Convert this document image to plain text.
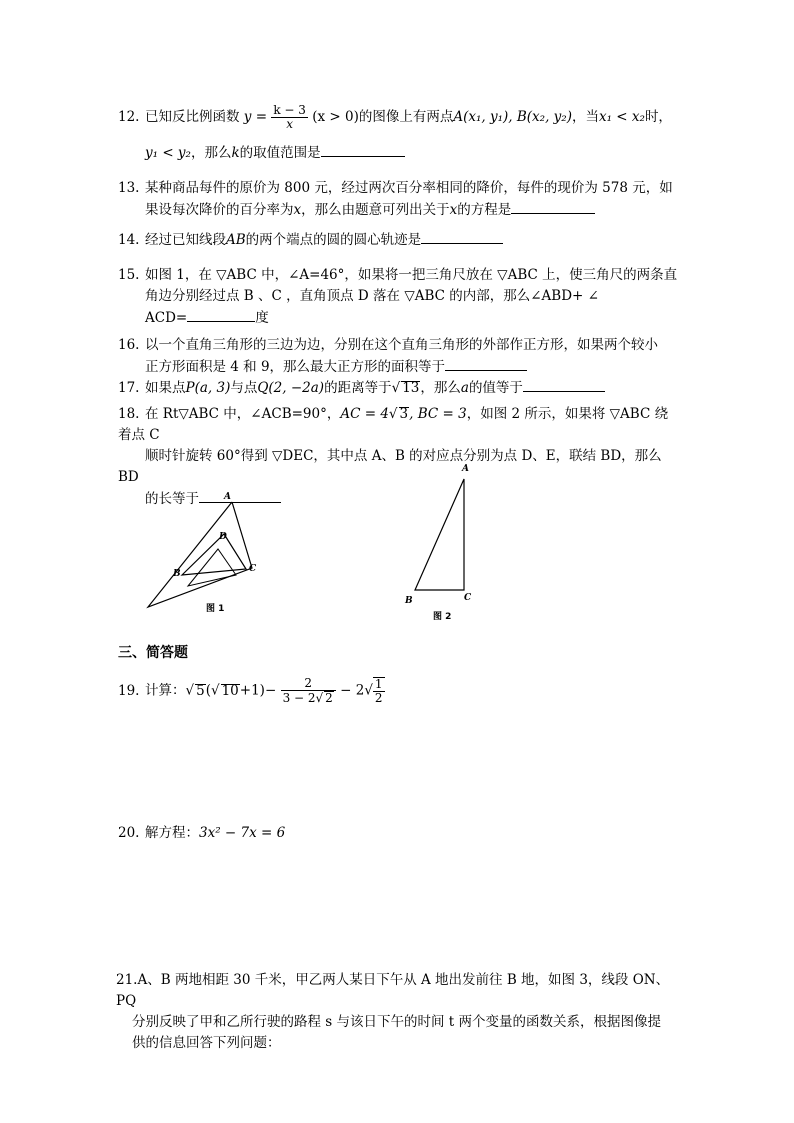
12. 已知反比例函数 $y = \frac{k - 3}{x} (x > 0)$的图像上有两点A(x₁, y₁), B(x₂, y₂)，当x₁ < x₂时，
y₁ < y₂，那么k的取值范围是
13. 某种商品每件的原价为 800 元，经过两次百分率相同的降价，每件的现价为 578 元，如
果设每次降价的百分率为x，那么由题意可列出关于x的方程是
14. 经过已知线段AB的两个端点的圆的圆心轨迹是
15. 如图 1，在 ▽ABC 中，∠A=46°，如果将一把三角尺放在 ▽ABC 上，使三角尺的两条直
角边分别经过点 B 、C ，直角顶点 D 落在 ▽ABC 的内部，那么∠ABD+ ∠
ACD=	度
16. 以一个直角三角形的三边为边，分别在这个直角三角形的外部作正方形，如果两个较小
正方形面积是 4 和 9，那么最大正方形的面积等于
17. 如果点P(a, 3)与点Q(2, −2a)的距离等于√ 13，那么a的值等于
18. 在 Rt▽ABC 中，∠ACB=90°，AC = 4√ 3, BC = 3，如图 2 所示，如果将 ▽ABC 绕着点 C
顺时针旋转 60°得到 ▽DEC，其中点 A、B 的对应点分别为点 D、E，联结 BD，那么 BD
的长等于	A
D
B	C
图 1
A
B	C
图 2
三、简答题
19. 计算：√ 5(√ $10+1)- \frac{2}{3 - 2√ 2} - 2√ \frac{1}{2}$
20. 解方程：3x² − 7x = 6
21.A、B 两地相距 30 千米，甲乙两人某日下午从 A 地出发前往 B 地，如图 3，线段 ON、PQ
分别反映了甲和乙所行驶的路程 s 与该日下午的时间 t 两个变量的函数关系，根据图像提
供的信息回答下列问题：
